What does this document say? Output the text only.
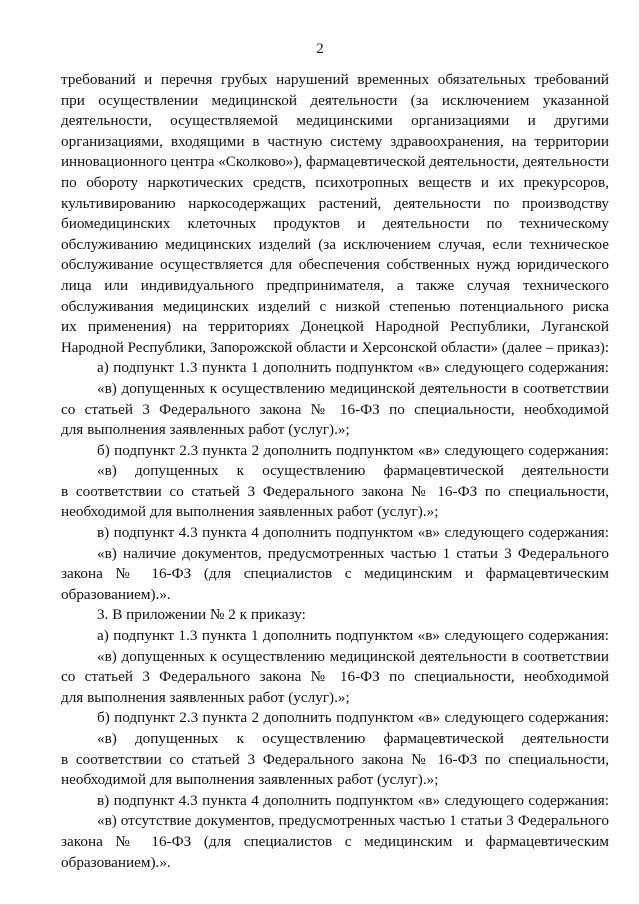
2
требований и перечня грубых нарушений временных обязательных требований
при осуществлении медицинской деятельности (за исключением указанной
деятельности, осуществляемой медицинскими организациями и другими
организациями, входящими в частную систему здравоохранения, на территории
инновационного центра «Сколково»), фармацевтической деятельности, деятельности
по обороту наркотических средств, психотропных веществ и их прекурсоров,
культивированию наркосодержащих растений, деятельности по производству
биомедицинских клеточных продуктов и деятельности по техническому
обслуживанию медицинских изделий (за исключением случая, если техническое
обслуживание осуществляется для обеспечения собственных нужд юридического
лица или индивидуального предпринимателя, а также случая технического
обслуживания медицинских изделий с низкой степенью потенциального риска
их применения) на территориях Донецкой Народной Республики, Луганской
Народной Республики, Запорожской области и Херсонской области» (далее – приказ):
а) подпункт 1.3 пункта 1 дополнить подпунктом «в» следующего содержания:
«в) допущенных к осуществлению медицинской деятельности в соответствии
со статьей 3 Федерального закона № 16-ФЗ по специальности, необходимой
для выполнения заявленных работ (услуг).»;
б) подпункт 2.3 пункта 2 дополнить подпунктом «в» следующего содержания:
«в) допущенных к осуществлению фармацевтической деятельности
в соответствии со статьей 3 Федерального закона № 16-ФЗ по специальности,
необходимой для выполнения заявленных работ (услуг).»;
в) подпункт 4.3 пункта 4 дополнить подпунктом «в» следующего содержания:
«в) наличие документов, предусмотренных частью 1 статьи 3 Федерального
закона № 16-ФЗ (для специалистов с медицинским и фармацевтическим
образованием).».
3. В приложении № 2 к приказу:
а) подпункт 1.3 пункта 1 дополнить подпунктом «в» следующего содержания:
«в) допущенных к осуществлению медицинской деятельности в соответствии
со статьей 3 Федерального закона № 16-ФЗ по специальности, необходимой
для выполнения заявленных работ (услуг).»;
б) подпункт 2.3 пункта 2 дополнить подпунктом «в» следующего содержания:
«в) допущенных к осуществлению фармацевтической деятельности
в соответствии со статьей 3 Федерального закона № 16-ФЗ по специальности,
необходимой для выполнения заявленных работ (услуг).»;
в) подпункт 4.3 пункта 4 дополнить подпунктом «в» следующего содержания:
«в) отсутствие документов, предусмотренных частью 1 статьи 3 Федерального
закона № 16-ФЗ (для специалистов с медицинским и фармацевтическим
образованием).».
